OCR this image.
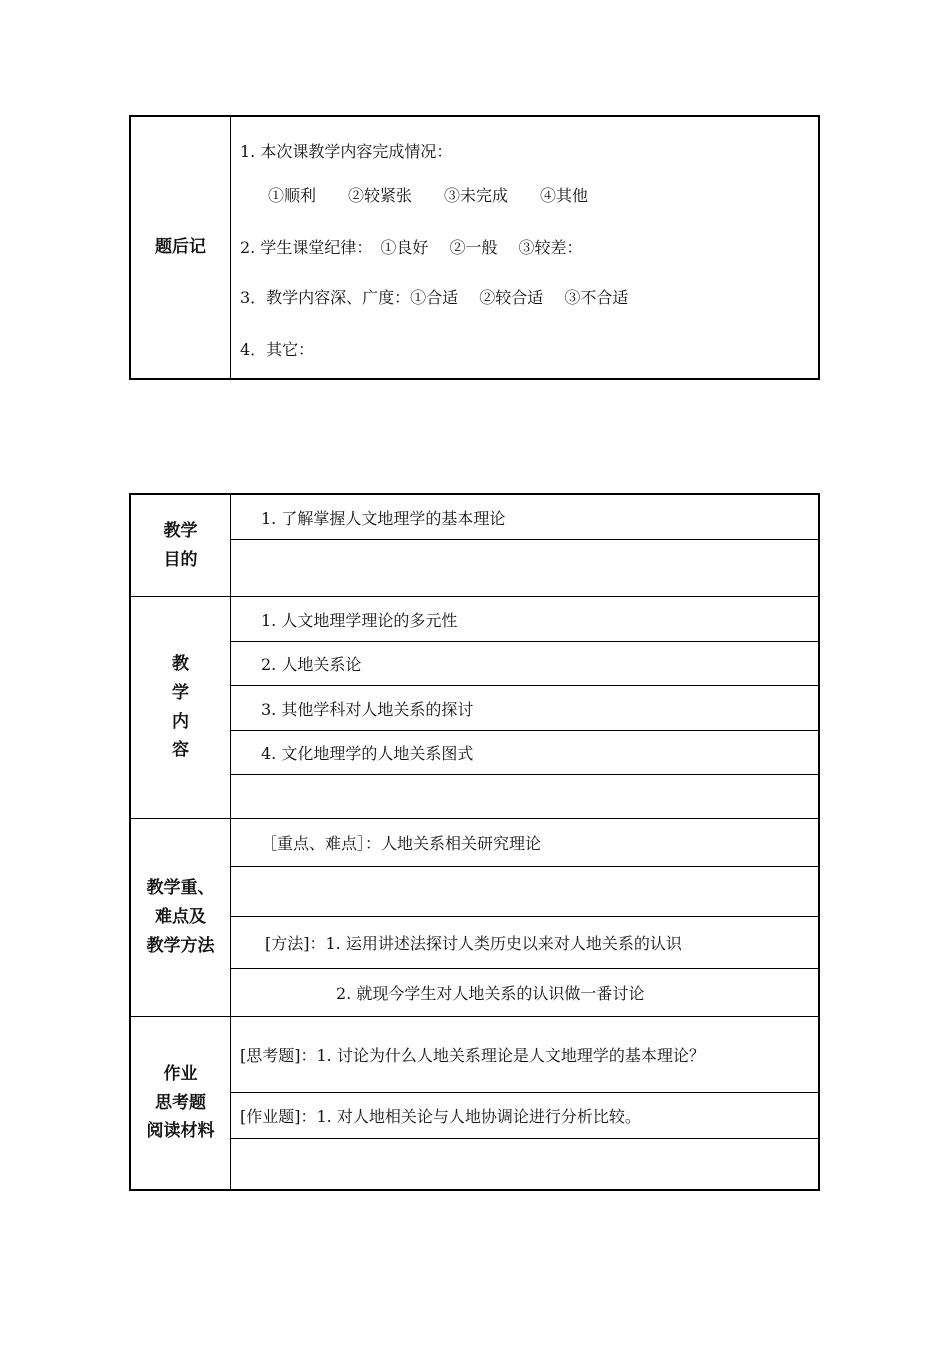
题后记
1. 本次课教学内容完成情况：
①顺利　　②较紧张　　③未完成　　④其他
2. 学生课堂纪律：　①良好　 ②一般　 ③较差：
3．教学内容深、广度：①合适　 ②较合适　 ③不合适
4．其它：
教学
目的
1. 了解掌握人文地理学的基本理论
教
学
内
容
1. 人文地理学理论的多元性
2. 人地关系论
3. 其他学科对人地关系的探讨
4. 文化地理学的人地关系图式
教学重、
难点及
教学方法
［重点、难点］：人地关系相关研究理论
[方法]：1. 运用讲述法探讨人类历史以来对人地关系的认识
2. 就现今学生对人地关系的认识做一番讨论
作业
思考题
阅读材料
[思考题]：1. 讨论为什么人地关系理论是人文地理学的基本理论？
[作业题]：1. 对人地相关论与人地协调论进行分析比较。
